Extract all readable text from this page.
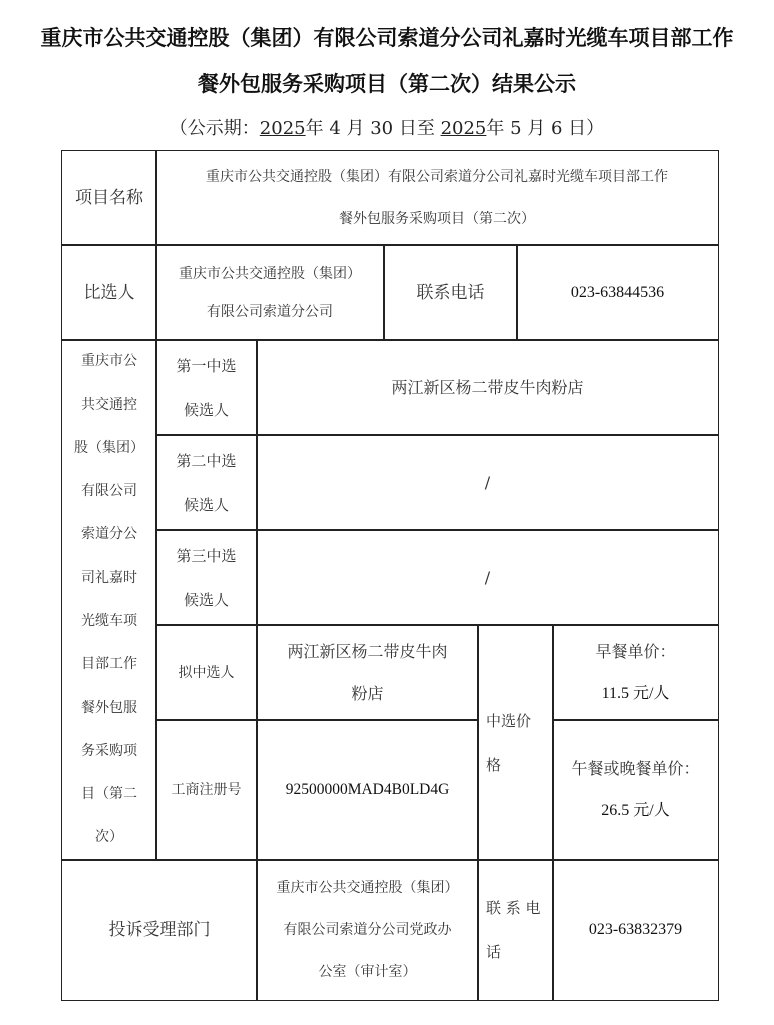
重庆市公共交通控股（集团）有限公司索道分公司礼嘉时光缆车项目部工作
餐外包服务采购项目（第二次）结果公示
（公示期：2025年 4 月 30 日至 2025年 5 月 6 日）
项目名称
重庆市公共交通控股（集团）有限公司索道分公司礼嘉时光缆车项目部工作
餐外包服务采购项目（第二次）
比选人
重庆市公共交通控股（集团）
有限公司索道分公司
联系电话	023-63844536
重庆市公
共交通控
股（集团）
有限公司
索道分公
司礼嘉时
光缆车项
目部工作
餐外包服
务采购项
目（第二
次）
第一中选
候选人
两江新区杨二带皮牛肉粉店
第二中选
候选人
/
第三中选
候选人
/
拟中选人
两江新区杨二带皮牛肉
粉店
工商注册号	92500000MAD4B0LD4G
中选价
格
早餐单价：
11.5 元/人
午餐或晚餐单价：
26.5 元/人
投诉受理部门
重庆市公共交通控股（集团）
有限公司索道分公司党政办
公室（审计室）
联 系 电
话
023-63832379
